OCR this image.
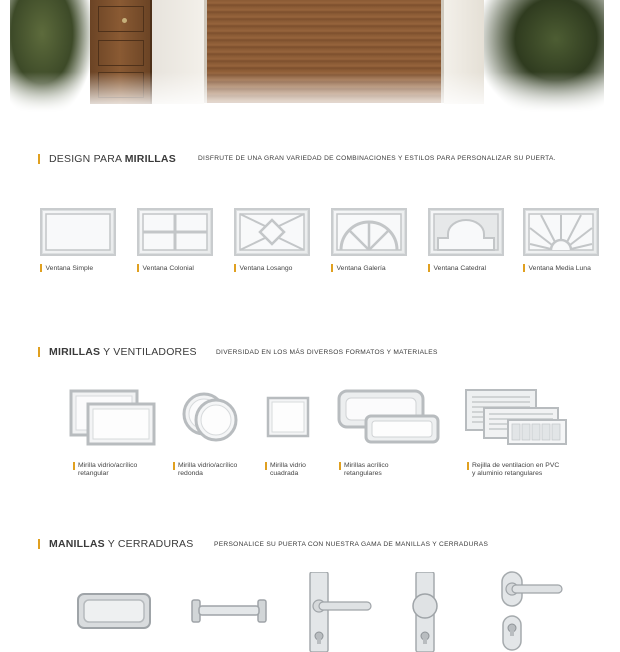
DESIGN PARA MIRILLAS	DISFRUTE DE UNA GRAN VARIEDAD DE COMBINACIONES Y ESTILOS PARA PERSONALIZAR SU PUERTA.
Ventana Simple	Ventana Colonial	Ventana Losango	Ventana Galería	Ventana Catedral	Ventana Media Luna
MIRILLAS Y VENTILADORES	DIVERSIDAD EN LOS MÁS DIVERSOS FORMATOS Y MATERIALES
Mirilla vidrio/acrílico
retangular
Mirilla vidrio/acrílico
redonda
Mirilla vidrio
cuadrada
Mirillas acrílico
retangulares
Rejilla de ventilacion en PVC
y aluminio retangulares
MANILLAS Y CERRADURAS	PERSONALICE SU PUERTA CON NUESTRA GAMA DE MANILLAS Y CERRADURAS
